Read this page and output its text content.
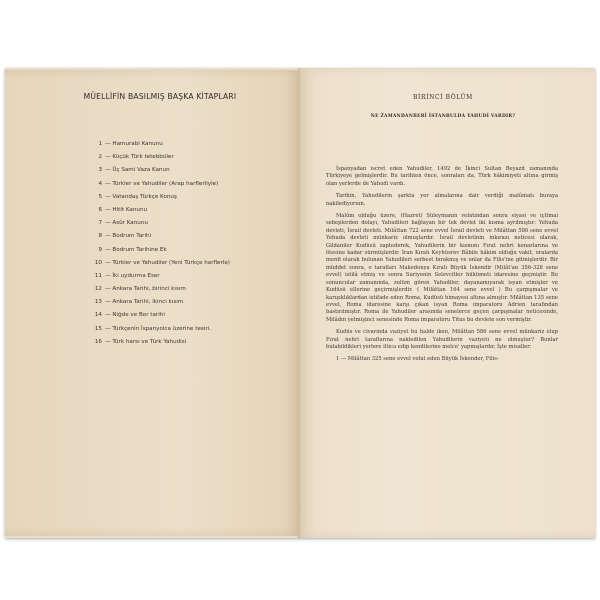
MÜELLİFİN BASILMIŞ BAŞKA KİTAPLARI
1 — Hamurabi Kanunu
2 — Küçük Türk tetebbüler
3 — Üç Sami Vaza Kanun
4 — Türkler ve Yahudiler (Arap harflerliyle)
5 — Vatandaş Türkçe Konuş
6 — Hitit Kanunu
7 — Asûr Kanunu
8 — Bodrum Tarihi
9 — Bodrum Tarihine Ek
10 — Türkler ve Yahudiler (Yeni Türkçe harflerle)
11 — İki uydurma Eser
12 — Ankara Tarihi, birinci kısım
13 — Ankara Tarihi, ikinci kısım
14 — Niğde ve Bor tarihi
15 — Türkçenin İspanyolca üzerine tesiri.
16 — Türk harsı ve Türk Yahudisi
BİRİNCİ BÖLÜM
NE ZAMANDANBERİ İSTANBULDA YAHUDİ VARDIR?

İspanyadan iscret eden Yahudiler, 1492 de İkinci Sultan Beyazit zamanında Türkiyeye gelmişlerdir. Bu tarihten önce, sonraları da, Türk hâkimiyeti altına girmiş olan yerlerde de Yahudi vardı.

Tarihin, Yahudilerin şarkta yer almalarına dair verdiği malûmatı buraya nakilediyorum.

Malûm olduğu üzere, (Hazret) Süleymanın vefatından sonra siyasi ve içtimai sebeplerden dolayı, Yahudileri bağlayan bir tek devlet iki kısma ayrılmıştır: Yehuda devleti, İsrail devleti. Milâttan 722 sene evvel İsrail devleti ve Milâttan 586 sene evvel Yehuda devleti münkariz olmuşlardır. İsrail devletinin inkırazı neticesi olarak, Gildaniler Kudüsü zaptederek, Yahudilerin bir kısmını Fırat nehri kenarlarına ve ötesine kadar sürmüşlerdir. İran Kıralı Keyhüsrev Bâbile hâkim olduğu vakit, oralarda menfi olarak bulunan Yahudileri serbest bırakmış ve onlar da Filis'ine gitmişlerdir. Bir müddet sonra, o tarafları Makedonya Kıralı Büyük İskendir (Milât'an 356-328 sene evvel) istilâ etmiş ve sonra Suriyenin Selevcitler hükümeti idaresine geçmiştir. Bu sonuncular zamanında, zulüm gören Yahudiler, dayanamıyarak isyan etmişler ve Kudüsü ellerine geçirmişlerdir. ( Milâttan 164 sene evvel ) Bu çarpışmalar ve karışıklıklardan istifade eden Roma, Kudüsü himayesi altına almıştır. Milâttan 135 sene evvel, Roma idaresine karşı çıkan isyan Roma imparatoru Adrien tarafından bastırılmıştır. Roma ile Yahudiler arasında senelerce geçen çarpışmalar neticesinde, Milâdın yetmişinci senesinde Roma imparatoru Titus bu devlete son vermiştir.

Kudüs ve civarında vaziyet bu halde iken, Milâttan 586 sene evvel münkariz olup Fırat nehri taraflarına nakledilen Yahudilerin vaziyeti ne olmuştur? Bunlar bulabildikleri yerlere iltica edip kendilerine melce' yapmışlardır. İşte misaller:

1 — Milâttan 325 sene evvel vefat eden Büyük İskender, Filis-
